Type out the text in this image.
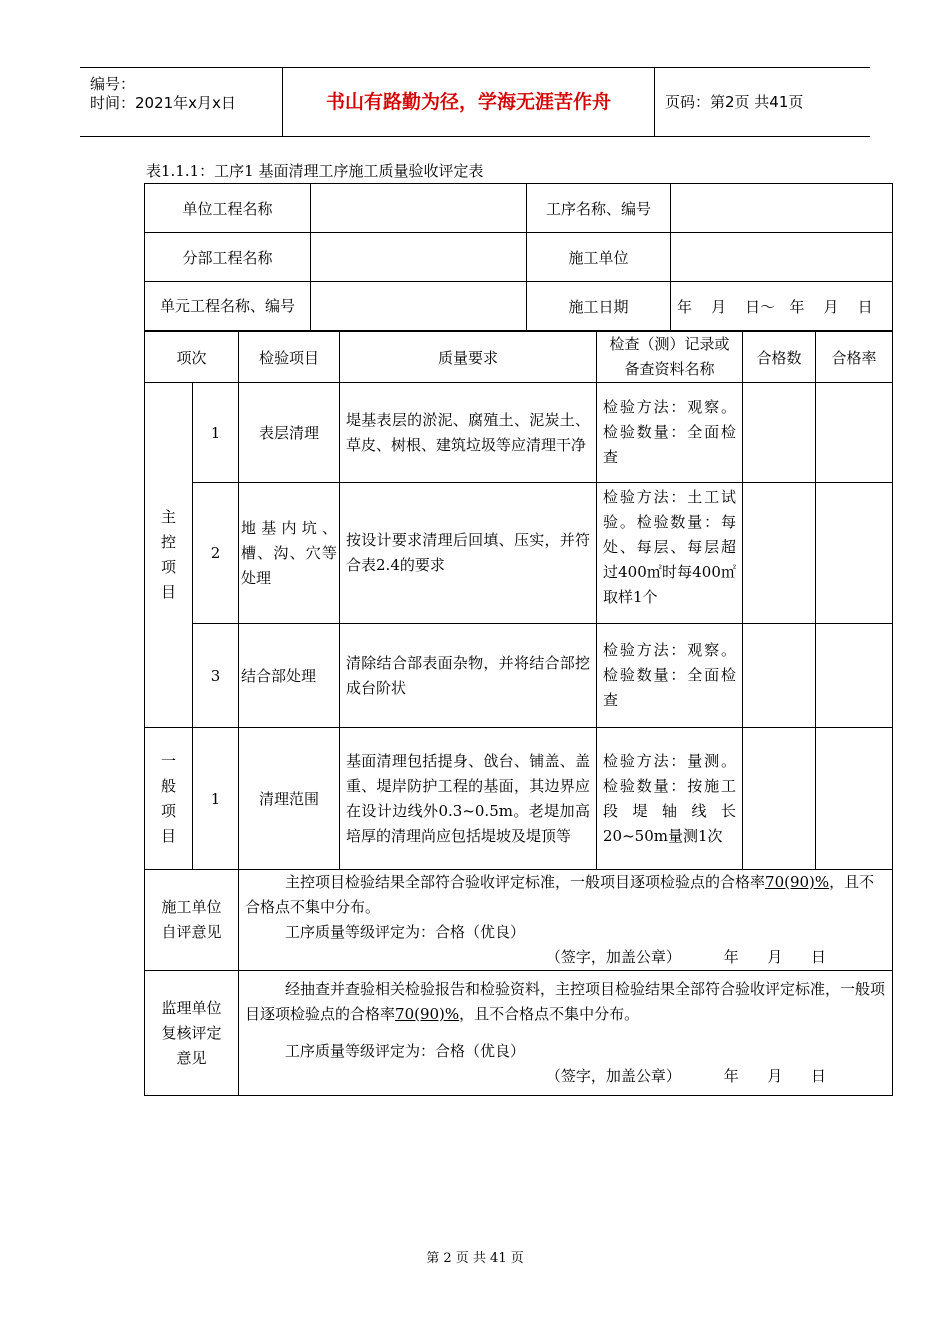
编号：
时间：2021年x月x日	书山有路勤为径，学海无涯苦作舟	页码：第2页 共41页
表1.1.1：工序1 基面清理工序施工质量验收评定表
单位工程名称		工序名称、编号	
分部工程名称		施工单位	
单元工程名称、编号		施工日期	年    月    日～   年    月    日
项次		检验项目	质量要求	检查（测）记录或备查资料名称	合格数	合格率
主控项目	1	表层清理	堤基表层的淤泥、腐殖土、泥炭土、草皮、树根、建筑垃圾等应清理干净	检验方法：观察。检验数量：全面检查		
	2	地基内坑、槽、沟、穴等处理	按设计要求清理后回填、压实，并符合表2.4的要求	检验方法：土工试验。检验数量：每处、每层、每层超过400㎡时每400㎡取样1个		

	3	结合部处理	清除结合部表面杂物，并将结合部挖成台阶状	检验方法：观察。检验数量：全面检查		
一般项目	1	清理范围	基面清理包括提身、戗台、铺盖、盖重、堤岸防护工程的基面，其边界应在设计边线外0.3~0.5m。老堤加高培厚的清理尚应包括堤坡及堤顶等	检验方法：量测。检验数量：按施工段堤轴线长20~50m量测1次		
施工单位自评意见		主控项目检验结果全部符合验收评定标准，一般项目逐项检验点的合格率70(90)%，且不合格点不集中分布。

工序质量等级评定为：合格（优良）

（签字，加盖公章）         年      月      日				

监理单位复核评定意见		经抽查并查验相关检验报告和检验资料，主控项目检验结果全部符合验收评定标准，一般项目逐项检验点的合格率70(90)%，且不合格点不集中分布。

工序质量等级评定为：合格（优良）

（签字，加盖公章）         年      月      日				

第 2 页 共 41 页
